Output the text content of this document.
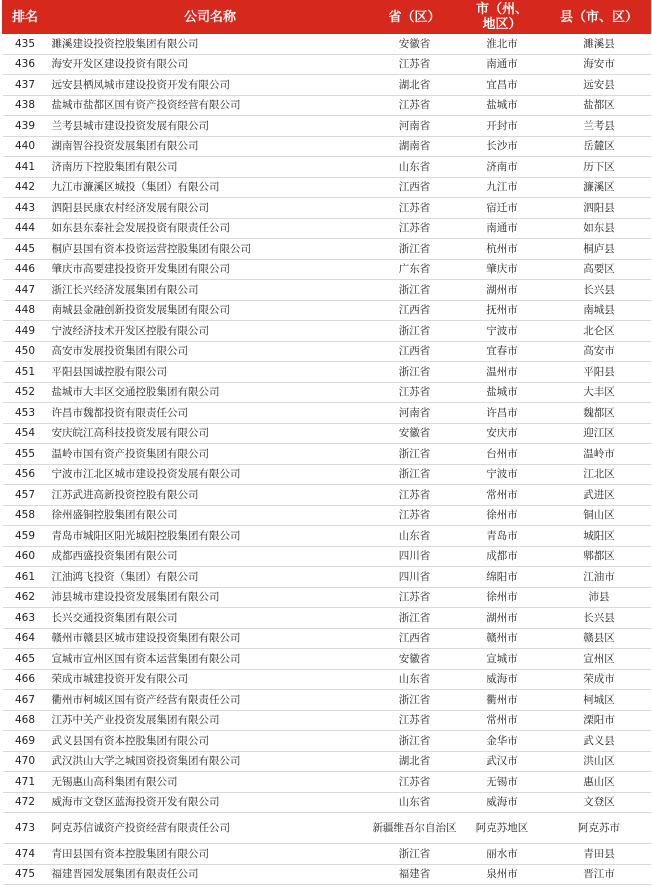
排名	公司名称	省（区）	市（州、地区）	县（市、区）
435	濉溪建设投资控股集团有限公司	安徽省	淮北市	濉溪县
436	海安开发区建设投资有限公司	江苏省	南通市	海安市
437	远安县栖凤城市建设投资开发有限公司	湖北省	宜昌市	远安县
438	盐城市盐都区国有资产投资经营有限公司	江苏省	盐城市	盐都区
439	兰考县城市建设投资发展有限公司	河南省	开封市	兰考县
440	湖南智谷投资发展集团有限公司	湖南省	长沙市	岳麓区
441	济南历下控股集团有限公司	山东省	济南市	历下区
442	九江市濂溪区城投（集团）有限公司	江西省	九江市	濂溪区
443	泗阳县民康农村经济发展有限公司	江苏省	宿迁市	泗阳县
444	如东县东泰社会发展投资有限责任公司	江苏省	南通市	如东县
445	桐庐县国有资本投资运营控股集团有限公司	浙江省	杭州市	桐庐县
446	肇庆市高要建投投资开发集团有限公司	广东省	肇庆市	高要区
447	浙江长兴经济发展集团有限公司	浙江省	湖州市	长兴县
448	南城县金融创新投资发展集团有限公司	江西省	抚州市	南城县
449	宁波经济技术开发区控股有限公司	浙江省	宁波市	北仑区
450	高安市发展投资集团有限公司	江西省	宜春市	高安市
451	平阳县国诚控股有限公司	浙江省	温州市	平阳县
452	盐城市大丰区交通控股集团有限公司	江苏省	盐城市	大丰区
453	许昌市魏都投资有限责任公司	河南省	许昌市	魏都区
454	安庆皖江高科技投资发展有限公司	安徽省	安庆市	迎江区
455	温岭市国有资产投资集团有限公司	浙江省	台州市	温岭市
456	宁波市江北区城市建设投资发展有限公司	浙江省	宁波市	江北区
457	江苏武进高新投资控股有限公司	江苏省	常州市	武进区
458	徐州盛铜控股集团有限公司	江苏省	徐州市	铜山区
459	青岛市城阳区阳光城阳控股集团有限公司	山东省	青岛市	城阳区
460	成都西盛投资集团有限公司	四川省	成都市	郫都区
461	江油鸿飞投资（集团）有限公司	四川省	绵阳市	江油市
462	沛县城市建设投资发展集团有限公司	江苏省	徐州市	沛县
463	长兴交通投资集团有限公司	浙江省	湖州市	长兴县
464	赣州市赣县区城市建设投资集团有限公司	江西省	赣州市	赣县区
465	宣城市宣州区国有资本运营集团有限公司	安徽省	宣城市	宣州区
466	荣成市城建投资开发有限公司	山东省	威海市	荣成市
467	衢州市柯城区国有资产经营有限责任公司	浙江省	衢州市	柯城区
468	江苏中关产业投资发展集团有限公司	江苏省	常州市	溧阳市
469	武义县国有资本控股集团有限公司	浙江省	金华市	武义县
470	武汉洪山大学之城国资投资集团有限公司	湖北省	武汉市	洪山区
471	无锡惠山高科集团有限公司	江苏省	无锡市	惠山区
472	威海市文登区蓝海投资开发有限公司	山东省	威海市	文登区
473	阿克苏信诚资产投资经营有限责任公司	新疆维吾尔自治区	阿克苏地区	阿克苏市
474	青田县国有资本控股集团有限公司	浙江省	丽水市	青田县
475	福建晋园发展集团有限责任公司	福建省	泉州市	晋江市
